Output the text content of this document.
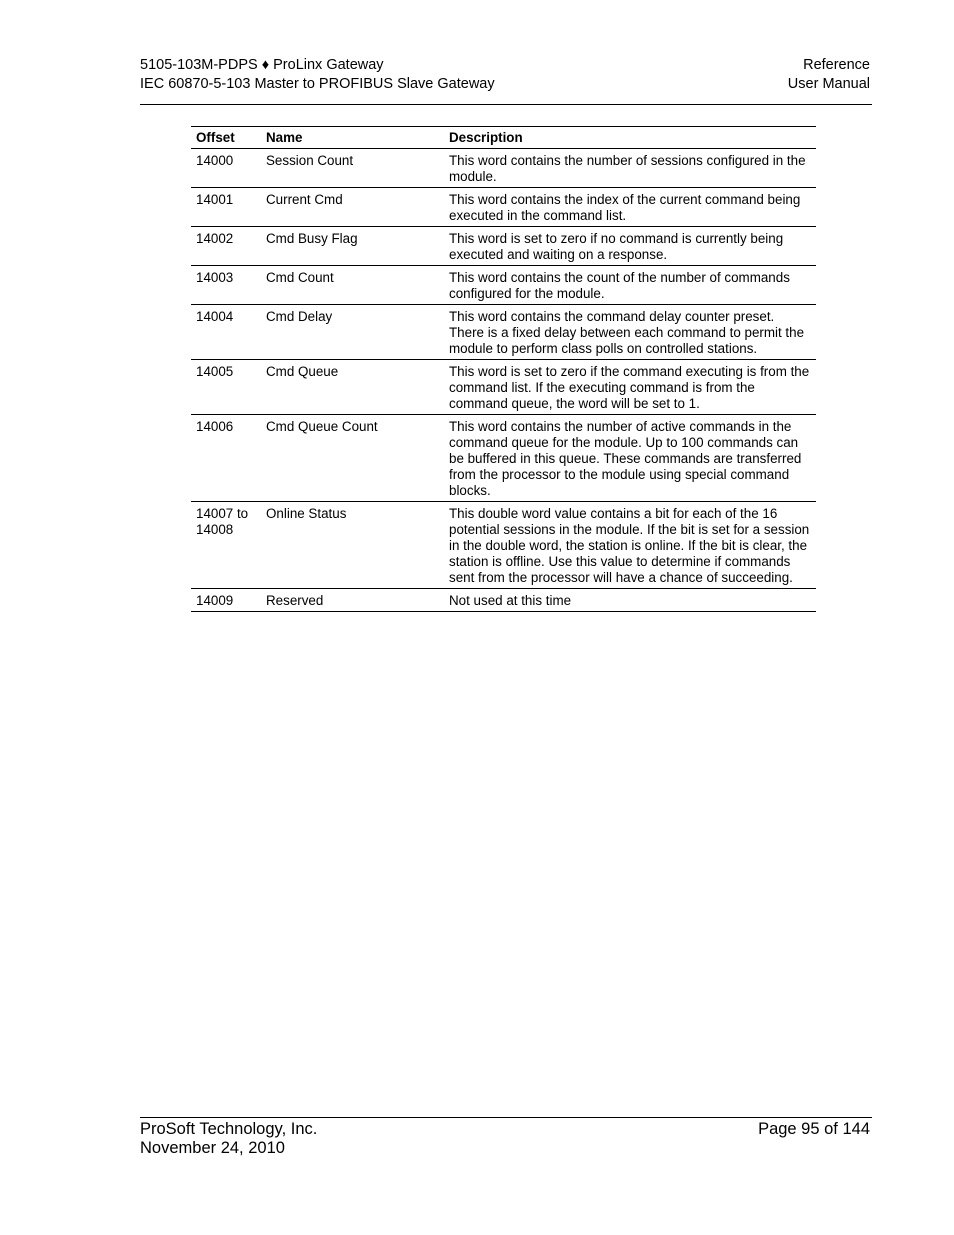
5105-103M-PDPS ♦ ProLinx Gateway
IEC 60870-5-103 Master to PROFIBUS Slave Gateway
Reference
User Manual
Offset	Name	Description
14000	Session Count	This word contains the number of sessions configured in the module.
14001	Current Cmd	This word contains the index of the current command being executed in the command list.
14002	Cmd Busy Flag	This word is set to zero if no command is currently being executed and waiting on a response.
14003	Cmd Count	This word contains the count of the number of commands configured for the module.
14004	Cmd Delay	This word contains the command delay counter preset. There is a fixed delay between each command to permit the module to perform class polls on controlled stations.
14005	Cmd Queue	This word is set to zero if the command executing is from the command list. If the executing command is from the command queue, the word will be set to 1.
14006	Cmd Queue Count	This word contains the number of active commands in the command queue for the module. Up to 100 commands can be buffered in this queue. These commands are transferred from the processor to the module using special command blocks.
14007 to 14008	Online Status	This double word value contains a bit for each of the 16 potential sessions in the module. If the bit is set for a session in the double word, the station is online. If the bit is clear, the station is offline. Use this value to determine if commands sent from the processor will have a chance of succeeding.
14009	Reserved	Not used at this time
ProSoft Technology, Inc.
November 24, 2010
Page 95 of 144
